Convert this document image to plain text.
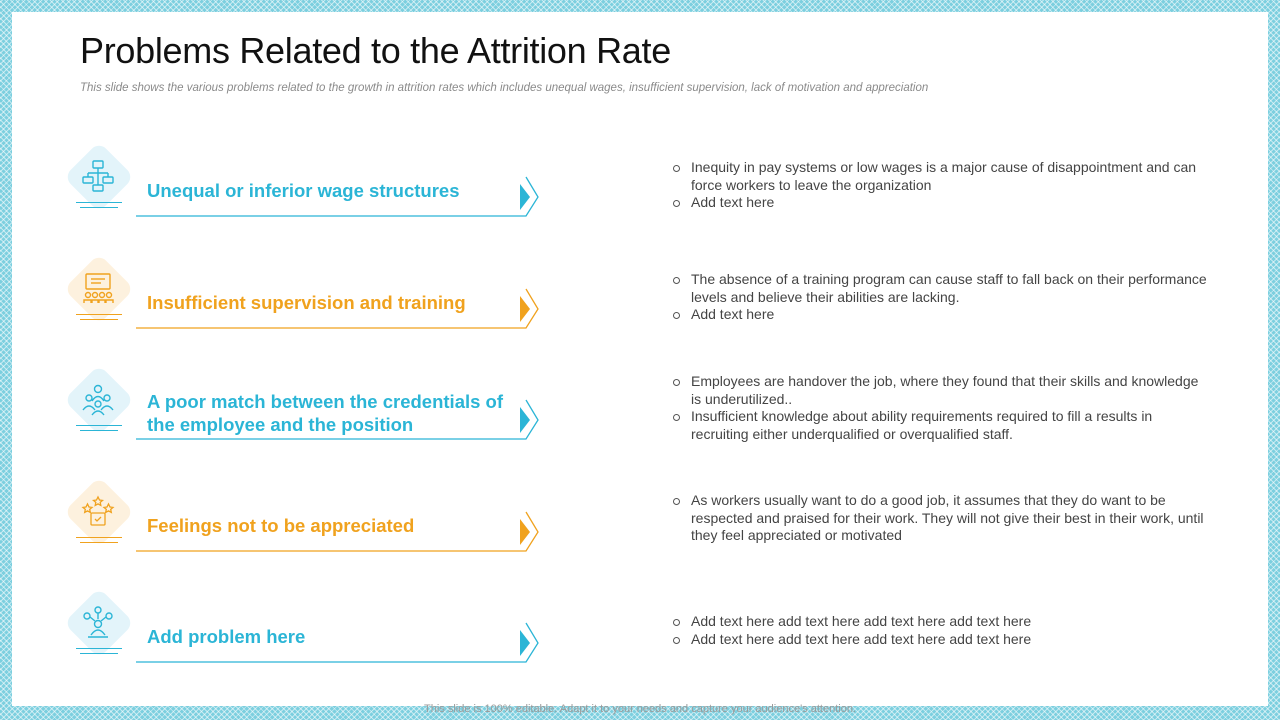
Problems Related to the Attrition Rate
This slide shows the various problems related to the growth in attrition rates which includes unequal wages, insufficient supervision, lack of motivation and appreciation
Unequal or inferior wage structures
Inequity in pay systems or low wages is a major cause of disappointment and can force workers to leave the organization
Add text here
Insufficient supervision and training
The absence of a training program can cause staff to fall back on their performance levels and believe their abilities are lacking.
Add text here
A poor match between the credentials of the employee and the position
Employees are handover the job, where they found that their skills and knowledge is underutilized..
Insufficient knowledge about ability requirements required to fill a results in recruiting either underqualified or overqualified staff.
Feelings not to be appreciated
As workers usually want to do a good job, it assumes that they do want to be respected and praised for their work. They will not give their best in their work, until they feel appreciated or motivated
Add problem here
Add text here add text here add text here add text here
Add text here add text here add text here add text here
This slide is 100% editable. Adapt it to your needs and capture your audience's attention.
